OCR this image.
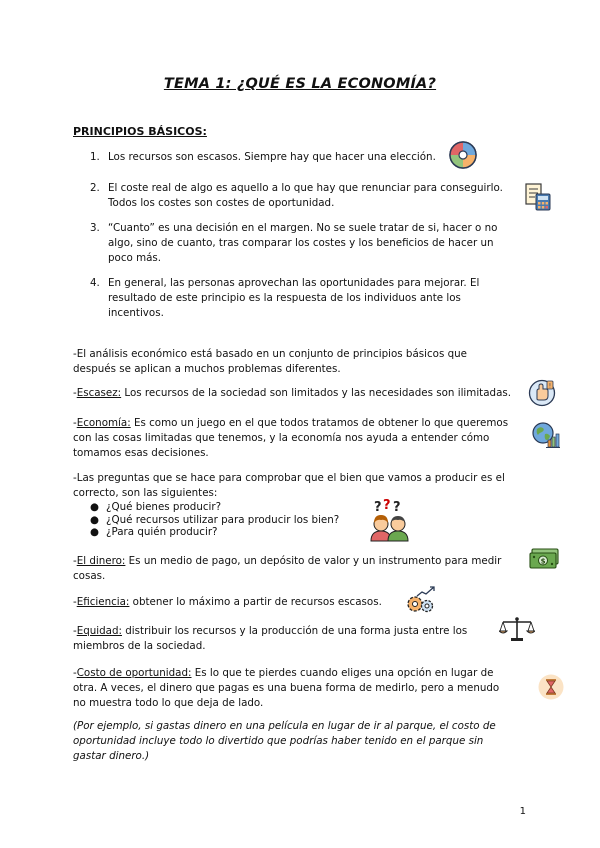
TEMA 1: ¿QUÉ ES LA ECONOMÍA?
PRINCIPIOS BÁSICOS:
1. Los recursos son escasos. Siempre hay que hacer una elección.
2. El coste real de algo es aquello a lo que hay que renunciar para conseguirlo.
Todos los costes son costes de oportunidad.
3. “Cuanto” es una decisión en el margen. No se suele tratar de si, hacer o no
algo, sino de cuanto, tras comparar los costes y los beneficios de hacer un
poco más.
4. En general, las personas aprovechan las oportunidades para mejorar. El
resultado de este principio es la respuesta de los individuos ante los
incentivos.
-El análisis económico está basado en un conjunto de principios básicos que
después se aplican a muchos problemas diferentes.
-Escasez: Los recursos de la sociedad son limitados y las necesidades son ilimitadas.
-Economía: Es como un juego en el que todos tratamos de obtener lo que queremos
con las cosas limitadas que tenemos, y la economía nos ayuda a entender cómo
tomamos esas decisiones.
-Las preguntas que se hace para comprobar que el bien que vamos a producir es el
correcto, son las siguientes:
● ¿Qué bienes producir?
● ¿Qué recursos utilizar para producir los bien?
● ¿Para quién producir?
-El dinero: Es un medio de pago, un depósito de valor y un instrumento para medir
cosas.
-Eficiencia: obtener lo máximo a partir de recursos escasos.
-Equidad: distribuir los recursos y la producción de una forma justa entre los
miembros de la sociedad.
-Costo de oportunidad: Es lo que te pierdes cuando eliges una opción en lugar de
otra. A veces, el dinero que pagas es una buena forma de medirlo, pero a menudo
no muestra todo lo que deja de lado.
(Por ejemplo, si gastas dinero en una película en lugar de ir al parque, el costo de
oportunidad incluye todo lo divertido que podrías haber tenido en el parque sin
gastar dinero.)
1
!
? ? ?
$
